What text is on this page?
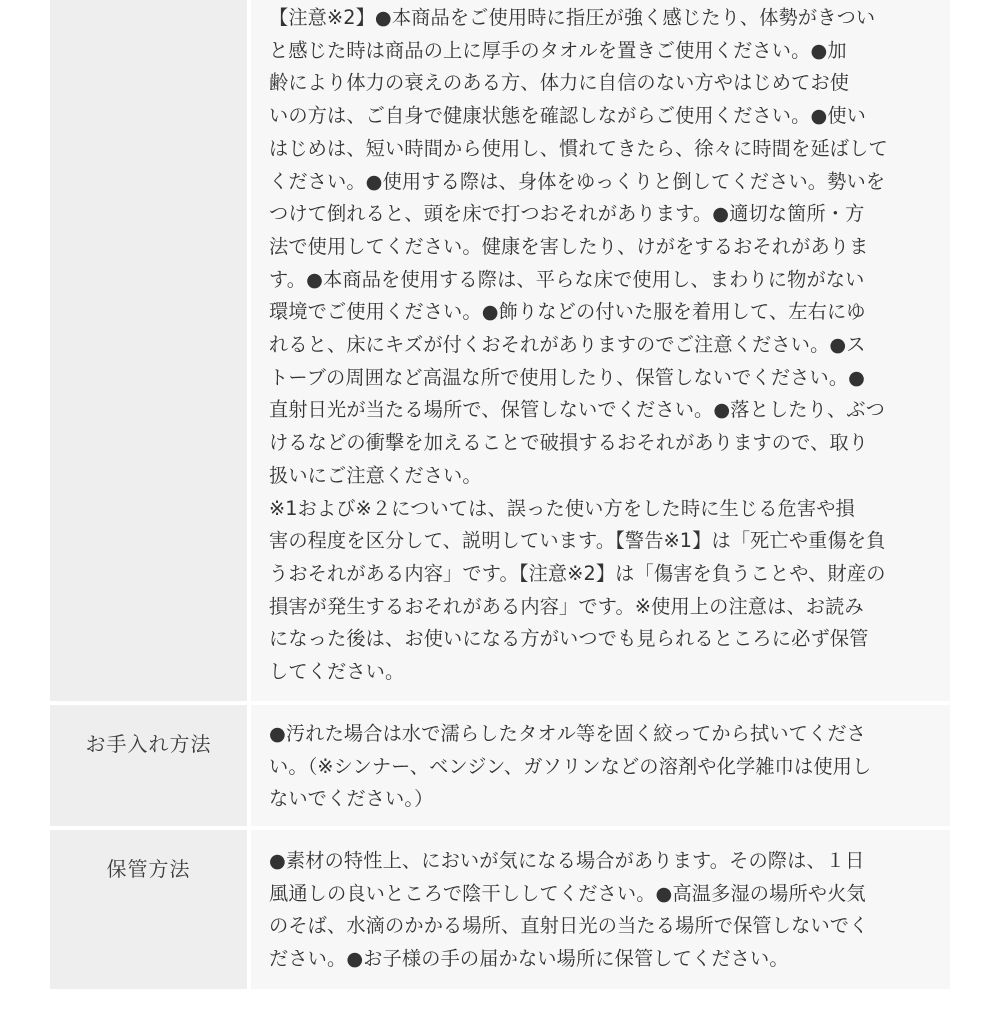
【注意※2】●本商品をご使用時に指圧が強く感じたり、体勢がきつい
と感じた時は商品の上に厚手のタオルを置きご使用ください。●加
齢により体力の衰えのある方、体力に自信のない方やはじめてお使
いの方は、ご自身で健康状態を確認しながらご使用ください。●使い
はじめは、短い時間から使用し、慣れてきたら、徐々に時間を延ばして
ください。●使用する際は、身体をゆっくりと倒してください。勢いを
つけて倒れると、頭を床で打つおそれがあります。●適切な箇所・方
法で使用してください。健康を害したり、けがをするおそれがありま
す。●本商品を使用する際は、平らな床で使用し、まわりに物がない
環境でご使用ください。●飾りなどの付いた服を着用して、左右にゆ
れると、床にキズが付くおそれがありますのでご注意ください。●ス
トーブの周囲など高温な所で使用したり、保管しないでください。●
直射日光が当たる場所で、保管しないでください。●落としたり、ぶつ
けるなどの衝撃を加えることで破損するおそれがありますので、取り
扱いにご注意ください。
※1および※２については、誤った使い方をした時に生じる危害や損
害の程度を区分して、説明しています。【警告※1】は「死亡や重傷を負
うおそれがある内容」です。【注意※2】は「傷害を負うことや、財産の
損害が発生するおそれがある内容」です。※使用上の注意は、お読み
になった後は、お使いになる方がいつでも見られるところに必ず保管
してください。

お手入れ方法	●汚れた場合は水で濡らしたタオル等を固く絞ってから拭いてくださ
い。（※シンナー、ベンジン、ガソリンなどの溶剤や化学雑巾は使用し
ないでください。）

保管方法	●素材の特性上、においが気になる場合があります。その際は、１日
風通しの良いところで陰干ししてください。●高温多湿の場所や火気
のそば、水滴のかかる場所、直射日光の当たる場所で保管しないでく
ださい。●お子様の手の届かない場所に保管してください。
